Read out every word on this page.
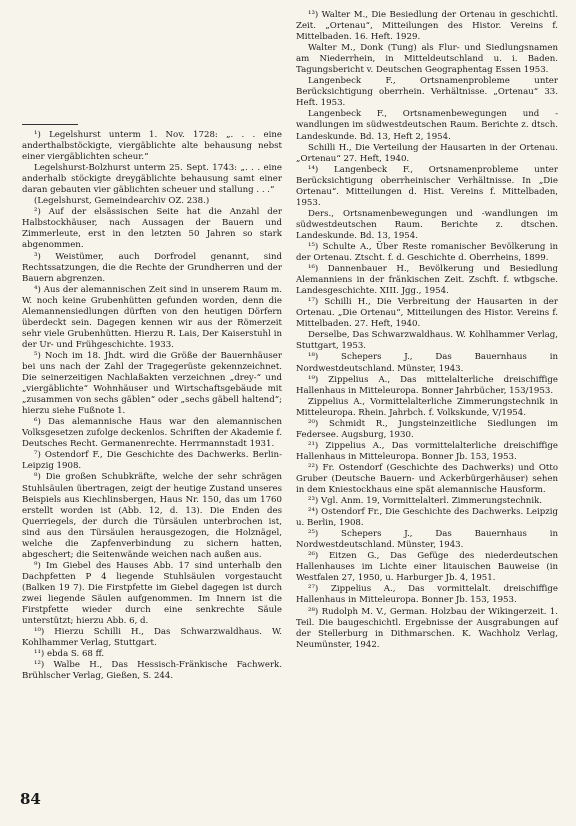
¹) Legelshurst unterm 1. Nov. 1728: „. . . eine anderthalbstöckigte, viergäblichte alte behausung nebst einer viergäblichten scheur.“
Legelshurst-Bolzhurst unterm 25. Sept. 1743: „. . . eine anderhalb stöckigte dreygäblichte behausung samt einer daran gebauten vier gäblichten scheuer und stallung . . .“
(Legelshurst, Gemeindearchiv OZ. 238.)
²) Auf der elsässischen Seite hat die Anzahl der Halbstockhäuser, nach Aussagen der Bauern und Zimmerleute, erst in den letzten 50 Jahren so stark abgenommen.
³) Weistümer, auch Dorfrodel genannt, sind Rechtssatzungen, die die Rechte der Grundherren und der Bauern abgrenzen.
⁴) Aus der alemannischen Zeit sind in unserem Raum m. W. noch keine Grubenhütten gefunden worden, denn die Alemannensiedlungen dürften von den heutigen Dörfern überdeckt sein. Dagegen kennen wir aus der Römerzeit sehr viele Grubenhütten. Hierzu R. Lais, Der Kaiserstuhl in der Ur- und Frühgeschichte. 1933.
⁵) Noch im 18. Jhdt. wird die Größe der Bauernhäuser bei uns nach der Zahl der Tragegerüste gekennzeichnet. Die seinerzeitigen Nachlaßakten verzeichnen „drey-“ und „viergäblichte“ Wohnhäuser und Wirtschaftsgebäude mit „zusammen von sechs gäblen“ oder „sechs gäbell haltend“; hierzu siehe Fußnote 1.
⁶) Das alemannische Haus war den alemannischen Volksgesetzen zufolge deckenlos. Schriften der Akademie f. Deutsches Recht. Germanenrechte. Herrmannstadt 1931.
⁷) Ostendorf F., Die Geschichte des Dachwerks. Berlin-Leipzig 1908.
⁸) Die großen Schubkräfte, welche der sehr schrägen Stuhlsäulen übertragen, zeigt der heutige Zustand unseres Beispiels aus Kiechlinsbergen, Haus Nr. 150, das um 1760 erstellt worden ist (Abb. 12, d. 13). Die Enden des Querriegels, der durch die Türsäulen unterbrochen ist, sind aus den Türsäulen herausgezogen, die Holznägel, welche die Zapfenverbindung zu sichern hatten, abgeschert; die Seitenwände weichen nach außen aus.
⁹) Im Giebel des Hauses Abb. 17 sind unterhalb den Dachpfetten P 4 liegende Stuhlsäulen vorgestaucht (Balken 19 7). Die Firstpfette im Giebel dagegen ist durch zwei liegende Säulen aufgenommen. Im Innern ist die Firstpfette wieder durch eine senkrechte Säule unterstützt; hierzu Abb. 6, d.
¹⁰) Hierzu Schilli H., Das Schwarzwaldhaus. W. Kohlhammer Verlag, Stuttgart.
¹¹) ebda S. 68 ff.
¹²) Walbe H., Das Hessisch-Fränkische Fachwerk. Brühlscher Verlag, Gießen, S. 244.
¹³) Walter M., Die Besiedlung der Ortenau in geschichtl. Zeit. „Ortenau“, Mitteilungen des Histor. Vereins f. Mittelbaden. 16. Heft. 1929.
Walter M., Donk (Tung) als Flur- und Siedlungsnamen am Niederrhein, in Mitteldeutschland u. i. Baden. Tagungsbericht v. Deutschen Geographentag Essen 1953.
Langenbeck F., Ortsnamenprobleme unter Berücksichtigung oberrhein. Verhältnisse. „Ortenau“ 33. Heft. 1953.
Langenbeck F., Ortsnamenbewegungen und -wandlungen im südwestdeutschen Raum. Berichte z. dtsch. Landeskunde. Bd. 13, Heft 2, 1954.
Schilli H., Die Verteilung der Hausarten in der Ortenau. „Ortenau“ 27. Heft, 1940.
¹⁴) Langenbeck F., Ortsnamenprobleme unter Berücksichtigung oberrheinischer Verhältnisse. In „Die Ortenau“. Mitteilungen d. Hist. Vereins f. Mittelbaden, 1953.
Ders., Ortsnamenbewegungen und -wandlungen im südwestdeutschen Raum. Berichte z. dtschen. Landeskunde. Bd. 13, 1954.
¹⁵) Schulte A., Über Reste romanischer Bevölkerung in der Ortenau. Ztscht. f. d. Geschichte d. Oberrheins, 1899.
¹⁶) Dannenbauer H., Bevölkerung und Besiedlung Alemanniens in der fränkischen Zeit. Zschft. f. wtbgsche. Landesgeschichte. XIII. Jgg., 1954.
¹⁷) Schilli H., Die Verbreitung der Hausarten in der Ortenau. „Die Ortenau“, Mitteilungen des Histor. Vereins f. Mittelbaden. 27. Heft, 1940.
Derselbe, Das Schwarzwaldhaus. W. Kohlhammer Verlag, Stuttgart, 1953.
¹⁸) Schepers J., Das Bauernhaus in Nordwestdeutschland. Münster, 1943.
¹⁹) Zippelius A., Das mittelalterliche dreischiffige Hallenhaus in Mitteleuropa. Bonner Jahrbücher, 153/1953.
Zippelius A., Vormittelalterliche Zimmerungstechnik in Mitteleuropa. Rhein. Jahrbch. f. Volkskunde, V/1954.
²⁰) Schmidt R., Jungsteinzeitliche Siedlungen im Federsee. Augsburg, 1930.
²¹) Zippelius A., Das vormittelalterliche dreischiffige Hallenhaus in Mitteleuropa. Bonner Jb. 153, 1953.
²²) Fr. Ostendorf (Geschichte des Dachwerks) und Otto Gruber (Deutsche Bauern- und Ackerbürgerhäuser) sehen in dem Kniestockhaus eine spät alemannische Hausform.
²³) Vgl. Anm. 19, Vormittelalterl. Zimmerungstechnik.
²⁴) Ostendorf Fr., Die Geschichte des Dachwerks. Leipzig u. Berlin, 1908.
²⁵) Schepers J., Das Bauernhaus in Nordwestdeutschland. Münster, 1943.
²⁶) Eitzen G., Das Gefüge des niederdeutschen Hallenhauses im Lichte einer litauischen Bauweise (in Westfalen 27, 1950, u. Harburger Jb. 4, 1951.
²⁷) Zippelius A., Das vormittelalt. dreischiffige Hallenhaus in Mitteleuropa. Bonner Jb. 153, 1953.
²⁸) Rudolph M. V., German. Holzbau der Wikingerzeit. 1. Teil. Die baugeschichtl. Ergebnisse der Ausgrabungen auf der Stellerburg in Dithmarschen. K. Wachholz Verlag, Neumünster, 1942.
84
